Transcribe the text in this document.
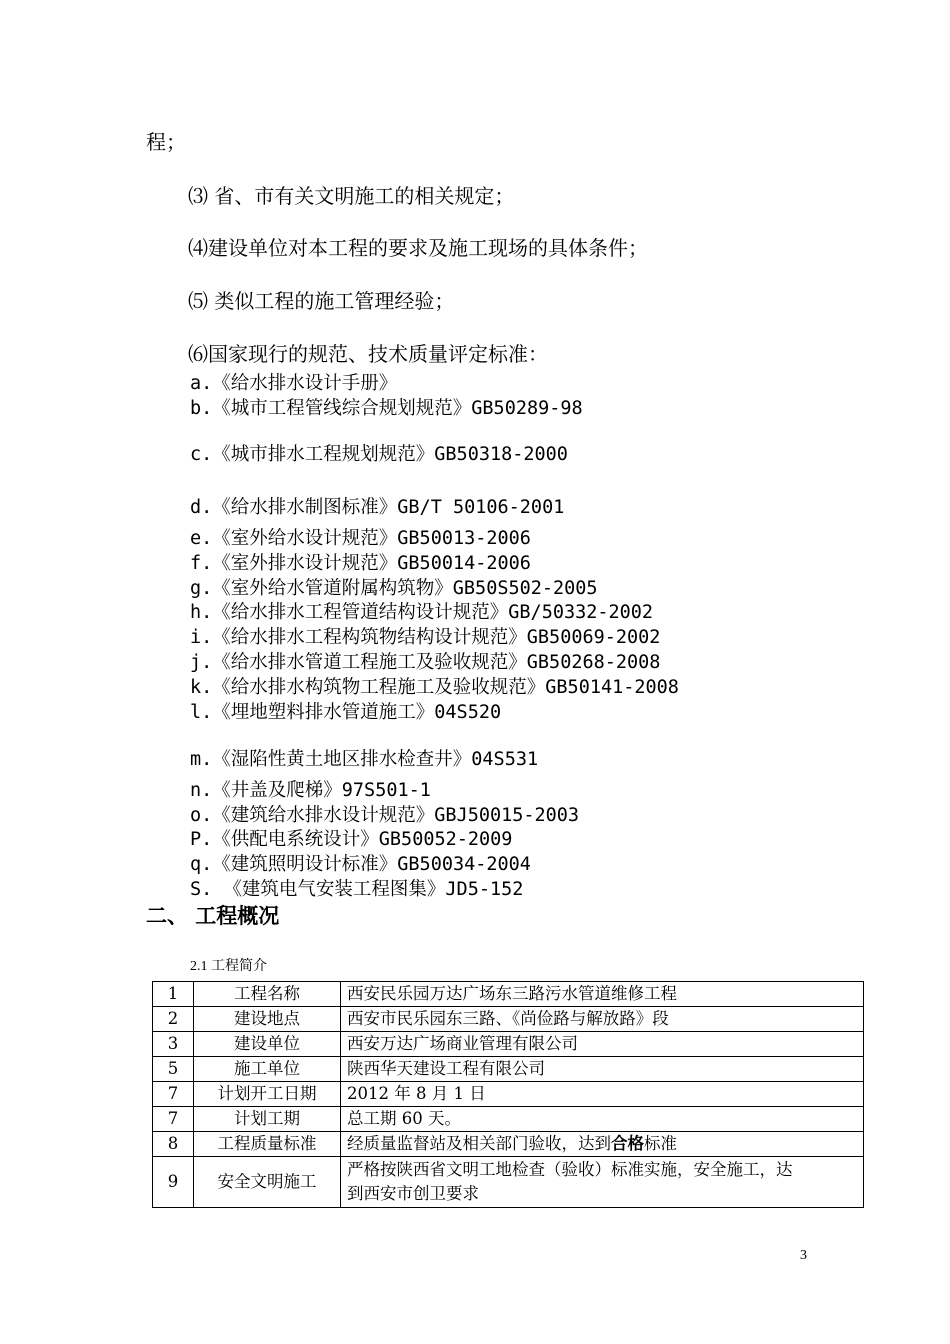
程；
⑶ 省、市有关文明施工的相关规定；
⑷建设单位对本工程的要求及施工现场的具体条件；
⑸ 类似工程的施工管理经验；
⑹国家现行的规范、技术质量评定标准：
a.《给水排水设计手册》
b.《城市工程管线综合规划规范》GB50289-98
c.《城市排水工程规划规范》GB50318-2000
d.《给水排水制图标准》GB/T 50106-2001
e.《室外给水设计规范》GB50013-2006
f.《室外排水设计规范》GB50014-2006
g.《室外给水管道附属构筑物》GB50S502-2005
h.《给水排水工程管道结构设计规范》GB/50332-2002
i.《给水排水工程构筑物结构设计规范》GB50069-2002
j.《给水排水管道工程施工及验收规范》GB50268-2008
k.《给水排水构筑物工程施工及验收规范》GB50141-2008
l.《埋地塑料排水管道施工》04S520
m.《湿陷性黄土地区排水检查井》04S531
n.《井盖及爬梯》97S501-1
o.《建筑给水排水设计规范》GBJ50015-2003
P.《供配电系统设计》GB50052-2009
q.《建筑照明设计标准》GB50034-2004
S. 《建筑电气安装工程图集》JD5-152
二、 工程概况
2.1 工程简介
1	工程名称	西安民乐园万达广场东三路污水管道维修工程
2	建设地点	西安市民乐园东三路、《尚俭路与解放路》段
3	建设单位	西安万达广场商业管理有限公司
5	施工单位	陕西华天建设工程有限公司
7	计划开工日期	2012 年 8 月 1 日
7	计划工期	总工期 60 天。
8	工程质量标准	经质量监督站及相关部门验收，达到合格标准
9	安全文明施工	严格按陕西省文明工地检查（验收）标准实施，安全施工，达
到西安市创卫要求
3
